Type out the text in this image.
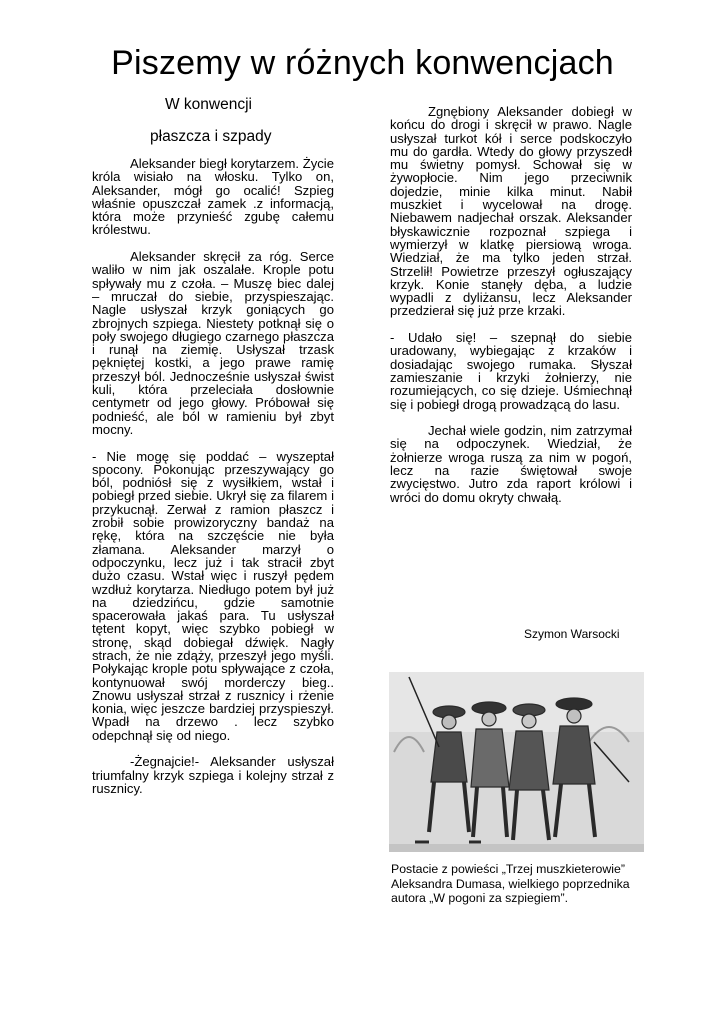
Piszemy w różnych konwencjach
W konwencji
płaszcza i szpady

Aleksander biegł korytarzem. Życie króla wisiało na włosku. Tylko on, Aleksander, mógł go ocalić! Szpieg właśnie opuszczał zamek .z informacją, która może przynieść zgubę całemu królestwu.

Aleksander skręcił za róg. Serce waliło w nim jak oszalałe. Krople potu spływały mu z czoła. – Muszę biec dalej – mruczał do siebie, przyspieszając. Nagle usłyszał krzyk goniących go zbrojnych szpiega. Niestety potknął się o poły swojego długiego czarnego płaszcza i runął na ziemię. Usłyszał trzask pękniętej kostki, a jego prawe ramię przeszył ból. Jednocześnie usłyszał świst kuli, która przeleciała dosłownie centymetr od jego głowy. Próbował się podnieść, ale ból w ramieniu był zbyt mocny.

- Nie mogę się poddać – wyszeptał spocony. Pokonując przeszywający go ból, podniósł się z wysiłkiem, wstał i pobiegł przed siebie. Ukrył się za filarem i przykucnął. Zerwał z ramion płaszcz i zrobił sobie prowizoryczny bandaż na rękę, która na szczęście nie była złamana. Aleksander marzył o odpoczynku, lecz już i tak stracił zbyt dużo czasu. Wstał więc i ruszył pędem wzdłuż korytarza. Niedługo potem był już na dziedzińcu, gdzie samotnie spacerowała jakaś para. Tu usłyszał tętent kopyt, więc szybko pobiegł w stronę, skąd dobiegał dźwięk. Nagły strach, że nie zdąży, przeszył jego myśli. Połykając krople potu spływające z czoła, kontynuował swój morderczy bieg.. Znowu usłyszał strzał z rusznicy i rżenie konia, więc jeszcze bardziej przyspieszył. Wpadł na drzewo . lecz szybko odepchnął się od niego.

-Żegnajcie!- Aleksander usłyszał triumfalny krzyk szpiega i kolejny strzał z rusznicy.

Zgnębiony Aleksander dobiegł w końcu do drogi i skręcił w prawo. Nagle usłyszał turkot kół i serce podskoczyło mu do gardła. Wtedy do głowy przyszedł mu świetny pomysł. Schował się w żywopłocie. Nim jego przeciwnik dojedzie, minie kilka minut. Nabił muszkiet i wycelował na drogę. Niebawem nadjechał orszak. Aleksander błyskawicznie rozpoznał szpiega i wymierzył w klatkę piersiową wroga. Wiedział, że ma tylko jeden strzał. Strzelił! Powietrze przeszył ogłuszający krzyk. Konie stanęły dęba, a ludzie wypadli z dyliżansu, lecz Aleksander przedzierał się już prze krzaki.

- Udało się! – szepnął do siebie uradowany, wybiegając z krzaków i dosiadając swojego rumaka. Słyszał zamieszanie i krzyki żołnierzy, nie rozumiejących, co się dzieje. Uśmiechnął się i pobiegł drogą prowadzącą do lasu.

Jechał wiele godzin, nim zatrzymał się na odpoczynek. Wiedział, że żołnierze wroga ruszą za nim w pogoń, lecz na razie świętował swoje zwycięstwo. Jutro zda raport królowi i wróci do domu okryty chwałą.

Szymon Warsocki
Postacie z powieści „Trzej muszkieterowie” Aleksandra Dumasa, wielkiego poprzednika autora „W pogoni za szpiegiem”.
